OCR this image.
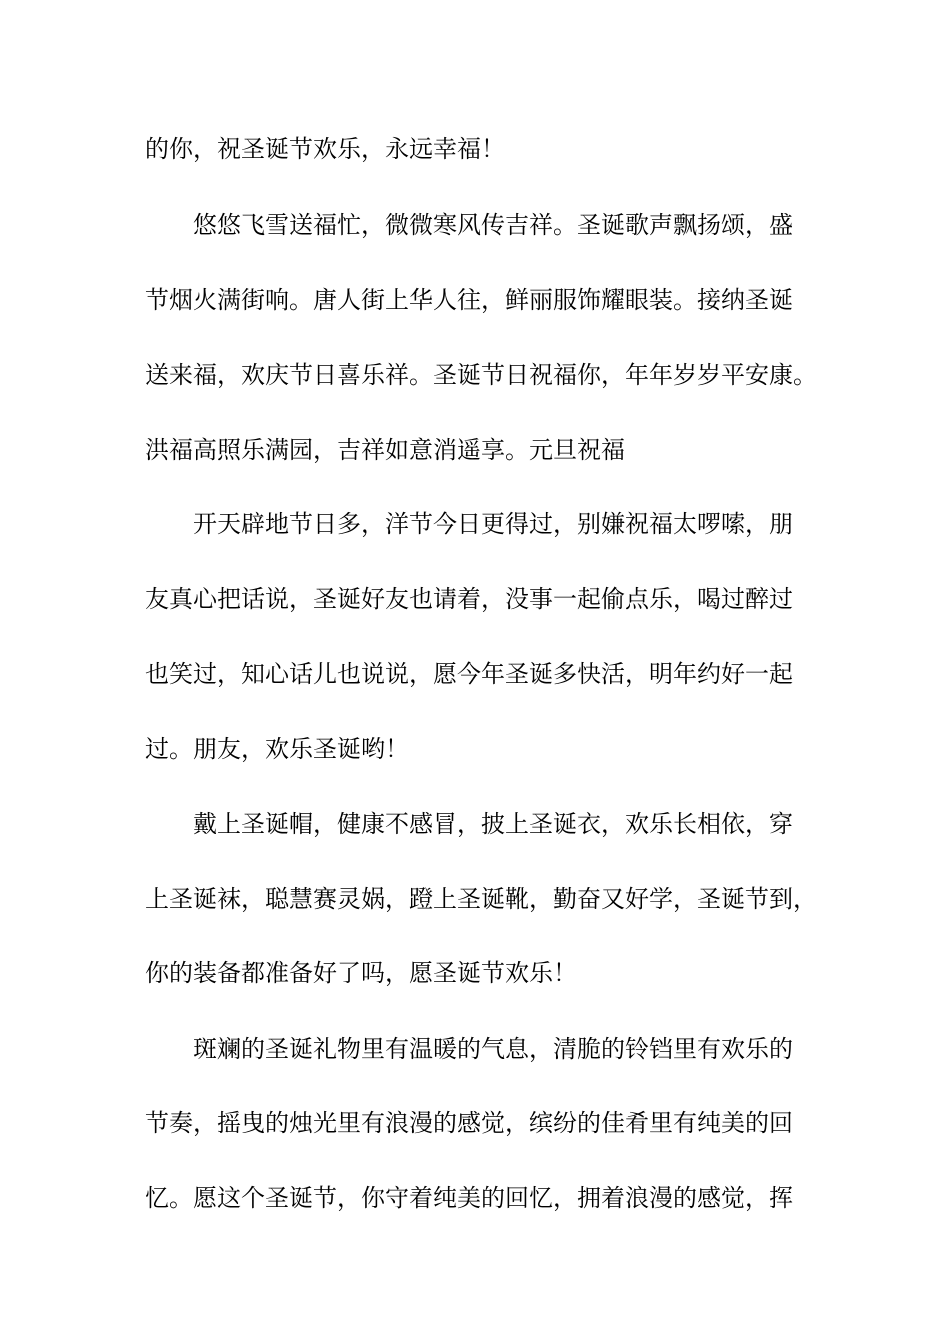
的你，祝圣诞节欢乐，永远幸福！
悠悠飞雪送福忙，微微寒风传吉祥。圣诞歌声飘扬颂，盛
节烟火满街响。唐人街上华人往，鲜丽服饰耀眼装。接纳圣诞
送来福，欢庆节日喜乐祥。圣诞节日祝福你，年年岁岁平安康。
洪福高照乐满园，吉祥如意消遥享。元旦祝福
开天辟地节日多，洋节今日更得过，别嫌祝福太啰嗦，朋
友真心把话说，圣诞好友也请着，没事一起偷点乐，喝过醉过
也笑过，知心话儿也说说，愿今年圣诞多快活，明年约好一起
过。朋友，欢乐圣诞哟！
戴上圣诞帽，健康不感冒，披上圣诞衣，欢乐长相依，穿
上圣诞袜，聪慧赛灵娲，蹬上圣诞靴，勤奋又好学，圣诞节到，
你的装备都准备好了吗，愿圣诞节欢乐！
斑斓的圣诞礼物里有温暖的气息，清脆的铃铛里有欢乐的
节奏，摇曳的烛光里有浪漫的感觉，缤纷的佳肴里有纯美的回
忆。愿这个圣诞节，你守着纯美的回忆，拥着浪漫的感觉，挥
